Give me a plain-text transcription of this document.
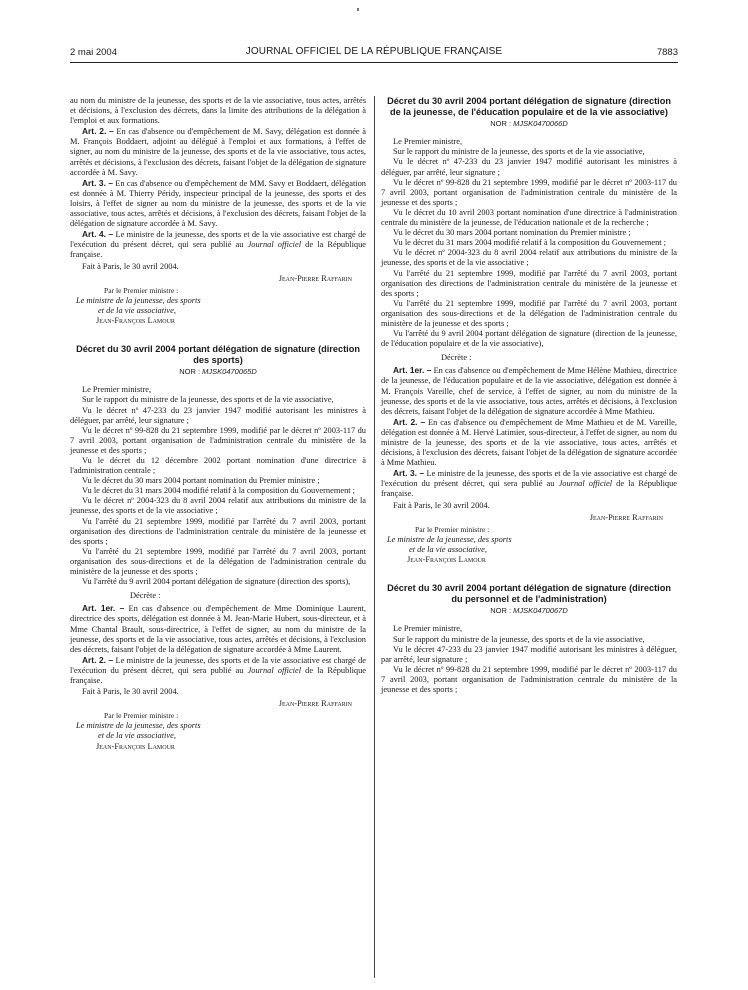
2 mai 2004	JOURNAL OFFICIEL DE LA RÉPUBLIQUE FRANÇAISE	7883

au nom du ministre de la jeunesse, des sports et de la vie associative, tous actes, arrêtés et décisions, à l'exclusion des décrets, dans la limite des attributions de la délégation à l'emploi et aux formations.

Art. 2. – En cas d'absence ou d'empêchement de M. Savy, délégation est donnée à M. François Boddaert, adjoint au délégué à l'emploi et aux formations, à l'effet de signer, au nom du ministre de la jeunesse, des sports et de la vie associative, tous actes, arrêtés et décisions, à l'exclusion des décrets, faisant l'objet de la délégation de signature accordée à M. Savy.

Art. 3. – En cas d'absence ou d'empêchement de MM. Savy et Boddaert, délégation est donnée à M. Thierry Péridy, inspecteur principal de la jeunesse, des sports et des loisirs, à l'effet de signer au nom du ministre de la jeunesse, des sports et de la vie associative, tous actes, arrêtés et décisions, à l'exclusion des décrets, faisant l'objet de la délégation de signature accordée à M. Savy.

Art. 4. – Le ministre de la jeunesse, des sports et de la vie associative est chargé de l'exécution du présent décret, qui sera publié au Journal officiel de la République française.

Fait à Paris, le 30 avril 2004.

Jean-Pierre Raffarin
Par le Premier ministre :
Le ministre de la jeunesse, des sports
et de la vie associative,
Jean-François Lamour
Décret du 30 avril 2004 portant délégation de signature (direction des sports)
NOR : MJSK0470065D

Le Premier ministre,

Sur le rapport du ministre de la jeunesse, des sports et de la vie associative,

Vu le décret nº 47-233 du 23 janvier 1947 modifié autorisant les ministres à déléguer, par arrêté, leur signature ;

Vu le décret nº 99-828 du 21 septembre 1999, modifié par le décret nº 2003-117 du 7 avril 2003, portant organisation de l'administration centrale du ministère de la jeunesse et des sports ;

Vu le décret du 12 décembre 2002 portant nomination d'une directrice à l'administration centrale ;

Vu le décret du 30 mars 2004 portant nomination du Premier ministre ;

Vu le décret du 31 mars 2004 modifié relatif à la composition du Gouvernement ;

Vu le décret nº 2004-323 du 8 avril 2004 relatif aux attributions du ministre de la jeunesse, des sports et de la vie associative ;

Vu l'arrêté du 21 septembre 1999, modifié par l'arrêté du 7 avril 2003, portant organisation des directions de l'administration centrale du ministère de la jeunesse et des sports ;

Vu l'arrêté du 21 septembre 1999, modifié par l'arrêté du 7 avril 2003, portant organisation des sous-directions et de la délégation de l'administration centrale du ministère de la jeunesse et des sports ;

Vu l'arrêté du 9 avril 2004 portant délégation de signature (direction des sports),

Décrète :

Art. 1er. – En cas d'absence ou d'empêchement de Mme Dominique Laurent, directrice des sports, délégation est donnée à M. Jean-Marie Hubert, sous-directeur, et à Mme Chantal Brault, sous-directrice, à l'effet de signer, au nom du ministre de la jeunesse, des sports et de la vie associative, tous actes, arrêtés et décisions, à l'exclusion des décrets, faisant l'objet de la délégation de signature accordée à Mme Laurent.

Art. 2. – Le ministre de la jeunesse, des sports et de la vie associative est chargé de l'exécution du présent décret, qui sera publié au Journal officiel de la République française.

Fait à Paris, le 30 avril 2004.

Jean-Pierre Raffarin
Par le Premier ministre :
Le ministre de la jeunesse, des sports
et de la vie associative,
Jean-François Lamour
Décret du 30 avril 2004 portant délégation de signature (direction de la jeunesse, de l'éducation populaire et de la vie associative)
NOR : MJSK0470066D

Le Premier ministre,

Sur le rapport du ministre de la jeunesse, des sports et de la vie associative,

Vu le décret nº 47-233 du 23 janvier 1947 modifié autorisant les ministres à déléguer, par arrêté, leur signature ;

Vu le décret nº 99-828 du 21 septembre 1999, modifié par le décret nº 2003-117 du 7 avril 2003, portant organisation de l'administration centrale du ministère de la jeunesse et des sports ;

Vu le décret du 10 avril 2003 portant nomination d'une directrice à l'administration centrale du ministère de la jeunesse, de l'éducation nationale et de la recherche ;

Vu le décret du 30 mars 2004 portant nomination du Premier ministre ;

Vu le décret du 31 mars 2004 modifié relatif à la composition du Gouvernement ;

Vu le décret nº 2004-323 du 8 avril 2004 relatif aux attributions du ministre de la jeunesse, des sports et de la vie associative ;

Vu l'arrêté du 21 septembre 1999, modifié par l'arrêté du 7 avril 2003, portant organisation des directions de l'administration centrale du ministère de la jeunesse et des sports ;

Vu l'arrêté du 21 septembre 1999, modifié par l'arrêté du 7 avril 2003, portant organisation des sous-directions et de la délégation de l'administration centrale du ministère de la jeunesse et des sports ;

Vu l'arrêté du 9 avril 2004 portant délégation de signature (direction de la jeunesse, de l'éducation populaire et de la vie associative),

Décrète :

Art. 1er. – En cas d'absence ou d'empêchement de Mme Hélène Mathieu, directrice de la jeunesse, de l'éducation populaire et de la vie associative, délégation est donnée à M. François Vareille, chef de service, à l'effet de signer, au nom du ministre de la jeunesse, des sports et de la vie associative, tous actes, arrêtés et décisions, à l'exclusion des décrets, faisant l'objet de la délégation de signature accordée à Mme Mathieu.

Art. 2. – En cas d'absence ou d'empêchement de Mme Mathieu et de M. Vareille, délégation est donnée à M. Hervé Latimier, sous-directeur, à l'effet de signer, au nom du ministre de la jeunesse, des sports et de la vie associative, tous actes, arrêtés et décisions, à l'exclusion des décrets, faisant l'objet de la délégation de signature accordée à Mme Mathieu.

Art. 3. – Le ministre de la jeunesse, des sports et de la vie associative est chargé de l'exécution du présent décret, qui sera publié au Journal officiel de la République française.

Fait à Paris, le 30 avril 2004.

Jean-Pierre Raffarin
Par le Premier ministre :
Le ministre de la jeunesse, des sports
et de la vie associative,
Jean-François Lamour
Décret du 30 avril 2004 portant délégation de signature (direction du personnel et de l'administration)
NOR : MJSK0470067D

Le Premier ministre,

Sur le rapport du ministre de la jeunesse, des sports et de la vie associative,

Vu le décret 47-233 du 23 janvier 1947 modifié autorisant les ministres à déléguer, par arrêté, leur signature ;

Vu le décret nº 99-828 du 21 septembre 1999, modifié par le décret nº 2003-117 du 7 avril 2003, portant organisation de l'administration centrale du ministère de la jeunesse et des sports ;
